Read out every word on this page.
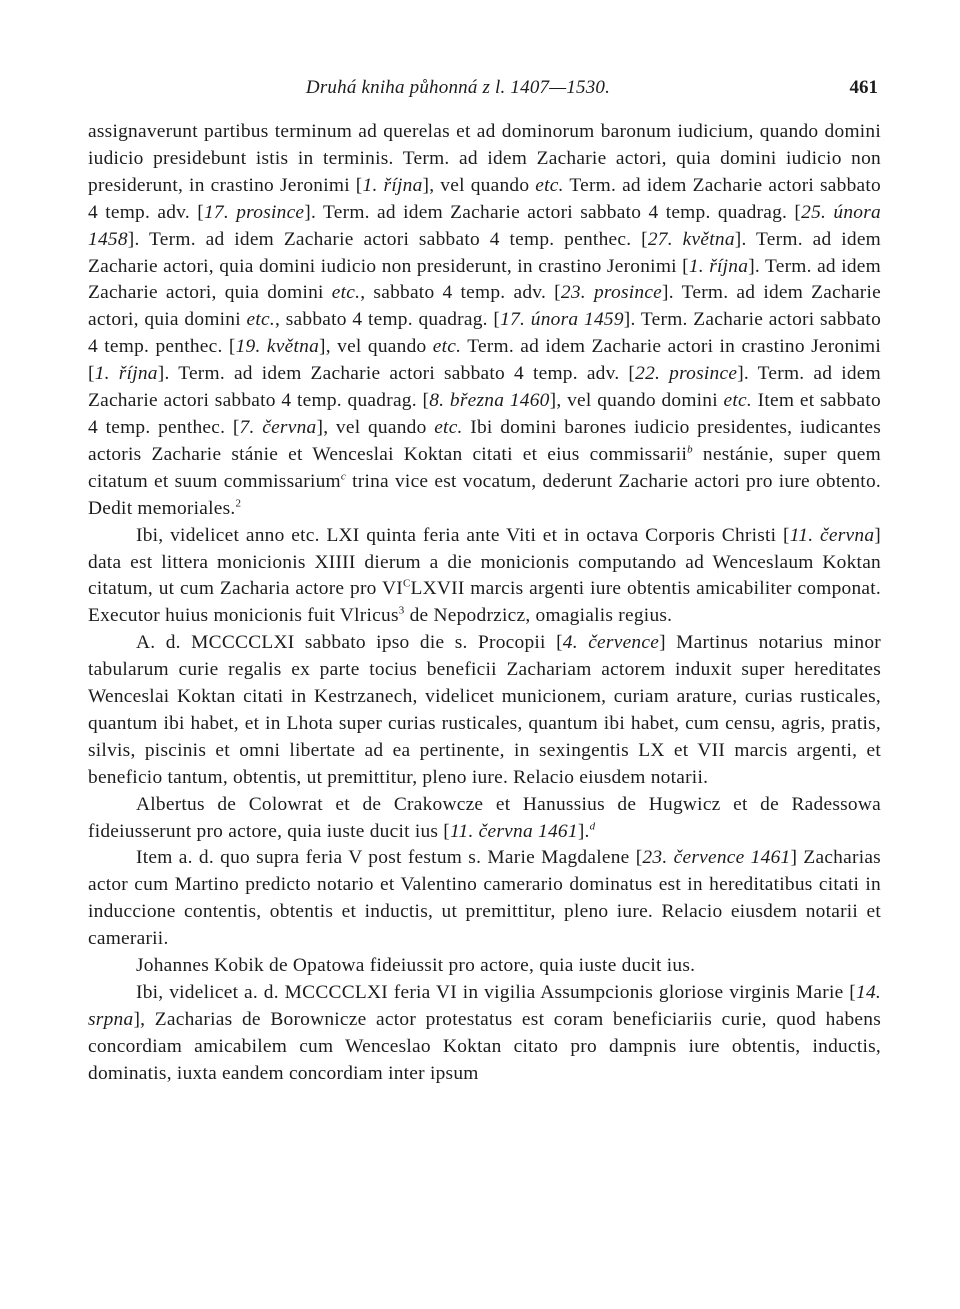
Druhá kniha půhonná z l. 1407—1530.	461

assignaverunt partibus terminum ad querelas et ad dominorum baronum iudicium, quando domini iudicio presidebunt istis in terminis. Term. ad idem Zacharie actori, quia domini iudicio non presiderunt, in crastino Jeronimi [1. října], vel quando etc. Term. ad idem Zacharie actori sabbato 4 temp. adv. [17. prosince]. Term. ad idem Zacharie actori sabbato 4 temp. quadrag. [25. února 1458]. Term. ad idem Zacharie actori sabbato 4 temp. penthec. [27. května]. Term. ad idem Zacharie actori, quia domini iudicio non presiderunt, in crastino Jeronimi [1. října]. Term. ad idem Zacharie actori, quia domini etc., sabbato 4 temp. adv. [23. prosince]. Term. ad idem Zacharie actori, quia domini etc., sabbato 4 temp. quadrag. [17. února 1459]. Term. Zacharie actori sabbato 4 temp. penthec. [19. května], vel quando etc. Term. ad idem Zacharie actori in crastino Jeronimi [1. října]. Term. ad idem Zacharie actori sabbato 4 temp. adv. [22. prosince]. Term. ad idem Zacharie actori sabbato 4 temp. quadrag. [8. března 1460], vel quando domini etc. Item et sabbato 4 temp. penthec. [7. června], vel quando etc. Ibi domini barones iudicio presidentes, iudicantes actoris Zacharie stánie et Wenceslai Koktan citati et eius commissarii$^b$ nestánie, super quem citatum et suum commissarium$^c$ trina vice est vocatum, dederunt Zacharie actori pro iure obtento. Dedit memoriales.$^2$

Ibi, videlicet anno etc. LXI quinta feria ante Viti et in octava Corporis Christi [11. června] data est littera monicionis XIIII dierum a die monicionis computando ad Wenceslaum Koktan citatum, ut cum Zacharia actore pro $VI^CLXVII$ marcis argenti iure obtentis amicabiliter componat. Executor huius monicionis fuit Vlricus$^3$ de Nepodrzicz, omagialis regius.

A. d. MCCCCLXI sabbato ipso die s. Procopii [4. července] Martinus notarius minor tabularum curie regalis ex parte tocius beneficii Zachariam actorem induxit super hereditates Wenceslai Koktan citati in Kestrzanech, videlicet municionem, curiam arature, curias rusticales, quantum ibi habet, et in Lhota super curias rusticales, quantum ibi habet, cum censu, agris, pratis, silvis, piscinis et omni libertate ad ea pertinente, in sexingentis LX et VII marcis argenti, et beneficio tantum, obtentis, ut premittitur, pleno iure. Relacio eiusdem notarii.

Albertus de Colowrat et de Crakowcze et Hanussius de Hugwicz et de Radessowa fideiusserunt pro actore, quia iuste ducit ius [11. června 1461].$^d$

Item a. d. quo supra feria V post festum s. Marie Magdalene [23. července 1461] Zacharias actor cum Martino predicto notario et Valentino camerario dominatus est in hereditatibus citati in induccione contentis, obtentis et inductis, ut premittitur, pleno iure. Relacio eiusdem notarii et camerarii.

Johannes Kobik de Opatowa fideiussit pro actore, quia iuste ducit ius.

Ibi, videlicet a. d. MCCCCLXI feria VI in vigilia Assumpcionis gloriose virginis Marie [14. srpna], Zacharias de Borownicze actor protestatus est coram beneficiariis curie, quod habens concordiam amicabilem cum Wenceslao Koktan citato pro dampnis iure obtentis, inductis, dominatis, iuxta eandem concordiam inter ipsum
